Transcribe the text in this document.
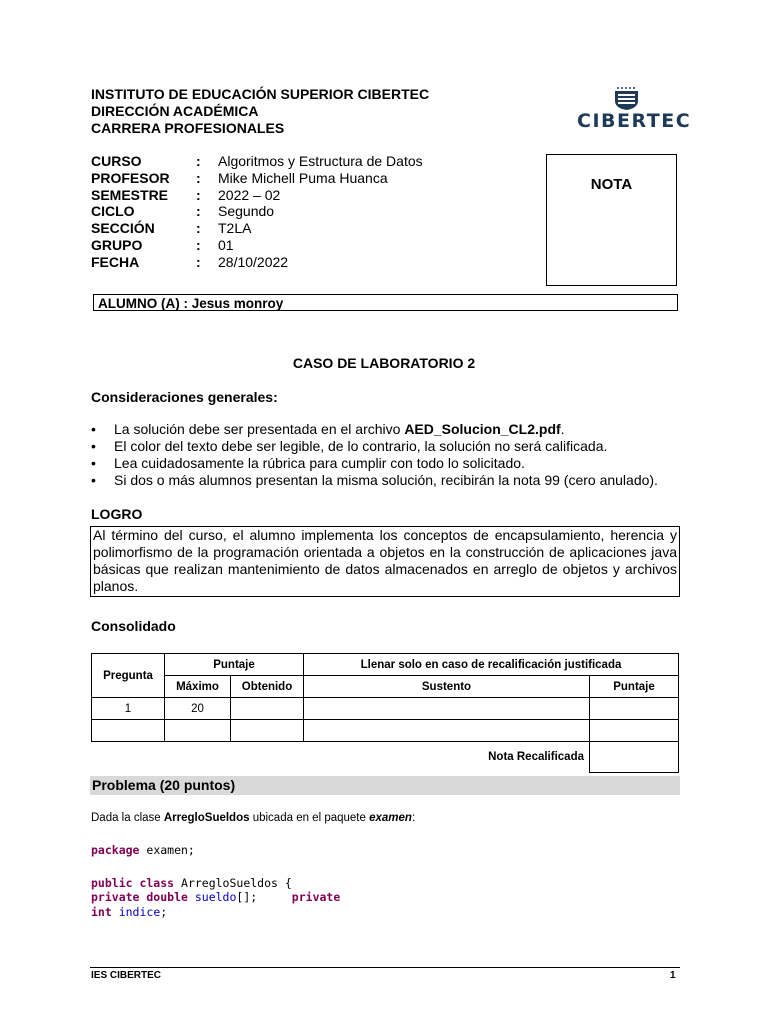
INSTITUTO DE EDUCACIÓN SUPERIOR CIBERTEC
DIRECCIÓN ACADÉMICA
CARRERA PROFESIONALES	CIBERTEC
CURSO	:	Algoritmos y Estructura de Datos
PROFESOR	:	Mike Michell Puma Huanca
SEMESTRE	:	2022 – 02
CICLO	:	Segundo
SECCIÓN	:	T2LA
GRUPO	:	01
FECHA	:	28/10/2022
NOTA
ALUMNO (A) : Jesus monroy
CASO DE LABORATORIO 2
Consideraciones generales:
•	La solución debe ser presentada en el archivo AED_Solucion_CL2.pdf.
•	El color del texto debe ser legible, de lo contrario, la solución no será calificada.
•	Lea cuidadosamente la rúbrica para cumplir con todo lo solicitado.
•	Si dos o más alumnos presentan la misma solución, recibirán la nota 99 (cero anulado).
LOGRO
Al término del curso, el alumno implementa los conceptos de encapsulamiento, herencia y polimorfismo de la programación orientada a objetos en la construcción de aplicaciones java básicas que realizan mantenimiento de datos almacenados en arreglo de objetos y archivos planos.
Consolidado
Pregunta	Puntaje		Llenar solo en caso de recalificación justificada	
	Máximo	Obtenido	Sustento	Puntaje
1	20			

Nota Recalificada				
Problema (20 puntos)
Dada la clase ArregloSueldos ubicada en el paquete examen:
package examen;
public class ArregloSueldos {
private double sueldo[];     private
int indice;
IES CIBERTEC	1
